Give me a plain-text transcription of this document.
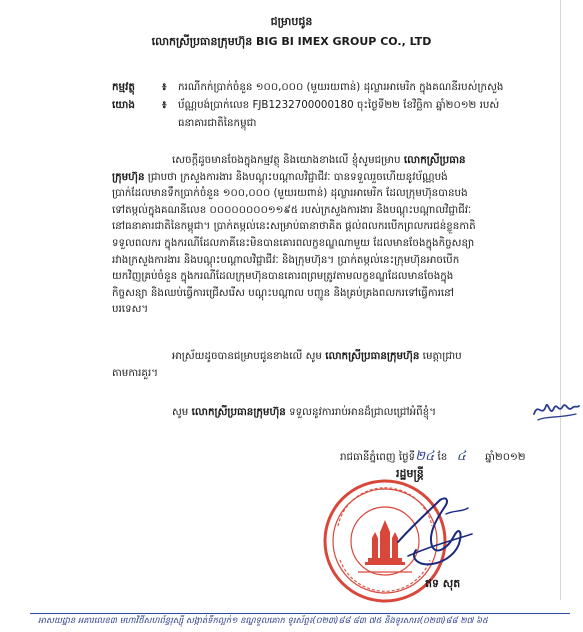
ជម្រាបជូន
លោកស្រីប្រធានក្រុមហ៊ុន BIG BI IMEX GROUP CO., LTD
កម្មវត្ថុ	៖ ករណីកក់ប្រាក់ចំនួន ១០០,០០០ (មួយរយពាន់) ដុល្លារអាមេរិក ក្នុងគណនីរបស់ក្រសួង
យោង	៖ ប័ណ្ណបង់ប្រាក់លេខ FJB1232700000180 ចុះថ្ងៃទី២២ ខែវិច្ឆិកា ឆ្នាំ២០១២ របស់
ធនាគារជាតិនៃកម្ពុជា
សេចក្តីដូចមានចែងក្នុងកម្មវត្ថុ និងយោងខាងលើ ខ្ញុំសូមជម្រាប លោកស្រីប្រធាន
ក្រុមហ៊ុន ជ្រាបថា ក្រសួងការងារ និងបណ្តុះបណ្តាលវិជ្ជាជីវៈ បានទទួលរួចហើយនូវប័ណ្ណបង់
ប្រាក់ដែលមានទឹកប្រាក់ចំនួន ១០០,០០០ (មួយរយពាន់) ដុល្លារអាមេរិក ដែលក្រុមហ៊ុនបានបង
ទៅតម្កល់ក្នុងគណនីលេខ ០០០០០០០០១១៩៥ របស់ក្រសួងការងារ និងបណ្តុះបណ្តាលវិជ្ជាជីវៈ
នៅធនាគារជាតិនៃកម្ពុជា។ ប្រាក់តម្កល់នេះសម្រាប់ធានាថាគិត ផ្តល់ពលករបើកព្រលករជន់ខ្លួនកាតិ
ទទួលពលករ ក្នុងករណីដែលភាគីនេះមិនបានគោរពលក្ខខណ្ឌណាមួយ ដែលមានចែងក្នុងកិច្ចសន្យា
រវាងក្រសួងការងារ និងបណ្តុះបណ្តាលវិជ្ជាជីវៈ និងក្រុមហ៊ុន។ ប្រាក់តម្កល់នេះក្រុមហ៊ុនអាចបើក
យកវិញគ្រប់ចំនួន ក្នុងករណីដែលក្រុមហ៊ុនបានគោរពព្រមត្រូវតាមលក្ខខណ្ឌដែលមានចែងក្នុង
កិច្ចសន្យា និងឈប់ធ្វើការជ្រើសរើស បណ្តុះបណ្តាល បញ្ជូន និងគ្រប់គ្រងពលករទៅធ្វើការនៅ
បរទេស។
អាស្រ័យដូចបានជម្រាបជូនខាងលើ សូម លោកស្រីប្រធានក្រុមហ៊ុន មេត្តាជ្រាប
តាមការគួរ។
សូម លោកស្រីប្រធានក្រុមហ៊ុន ទទួលនូវការរាប់អានដ៏ជ្រាលជ្រៅអំពីខ្ញុំ។
រាជធានីភ្នំពេញ ថ្ងៃទី២៤ ខែ ៤ ឆ្នាំ២០១២
រដ្ឋមន្ត្រី
ឥទ សុត
អាសយដ្ឋាន អគារលេខ៣ មហាវិថីសហព័ន្ធរុស្ស៊ី សង្កាត់ទឹកល្អក់១ ខណ្ឌទួលគោក ទូរស័ព្ទ៖(០២៣)៨៨ ៨៣ ៧៥ និងទូរសារ៖(០២៣)៨៨ ២៧ ៦៥
